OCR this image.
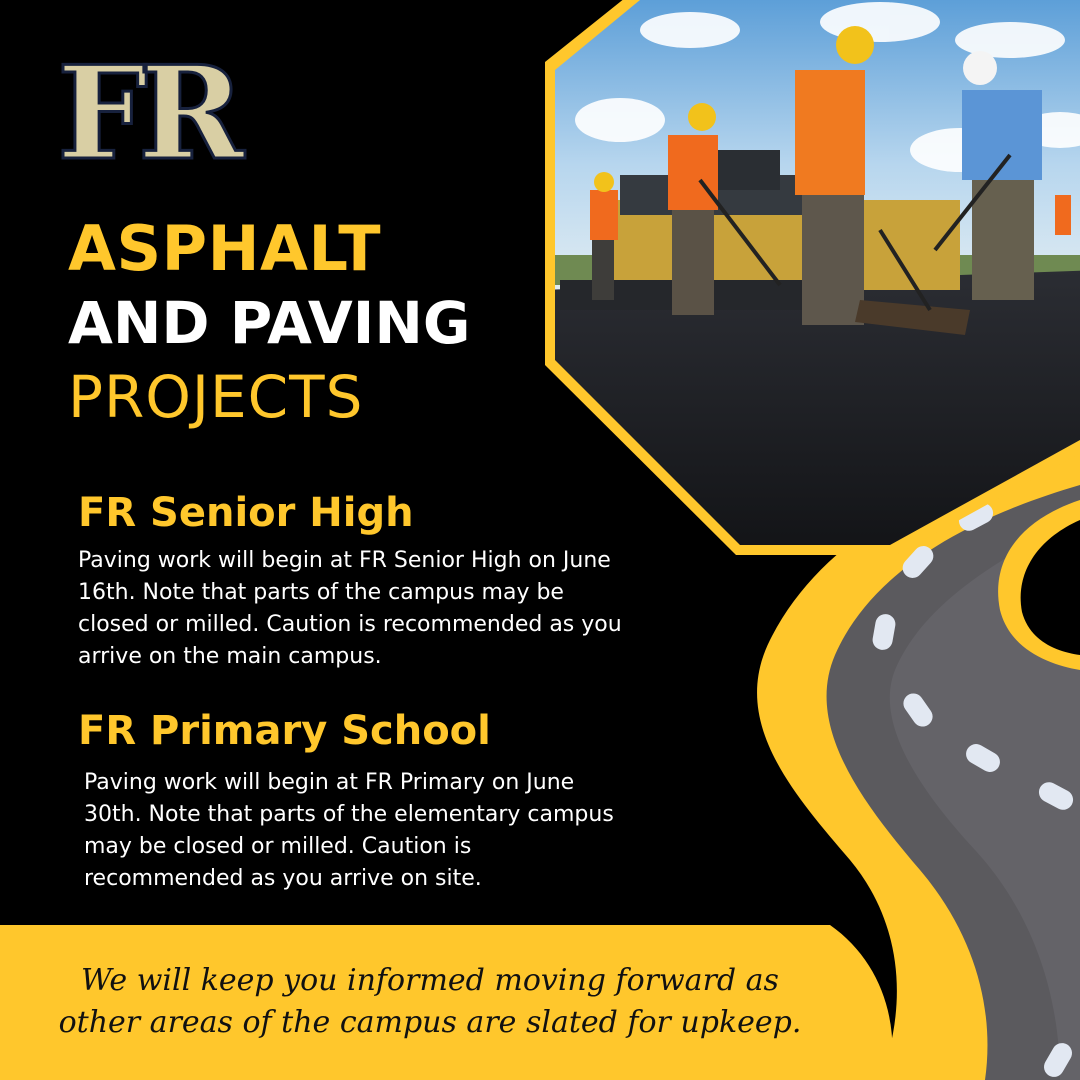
FR
ASPHALT
AND PAVING
PROJECTS
FR Senior High

Paving work will begin at FR Senior High on June
16th. Note that parts of the campus may be
closed or milled. Caution is recommended as you
arrive on the main campus.

FR Primary School

Paving work will begin at FR Primary on June
30th. Note that parts of the elementary campus
may be closed or milled. Caution is
recommended as you arrive on site.

We will keep you informed moving forward as
other areas of the campus are slated for upkeep.
